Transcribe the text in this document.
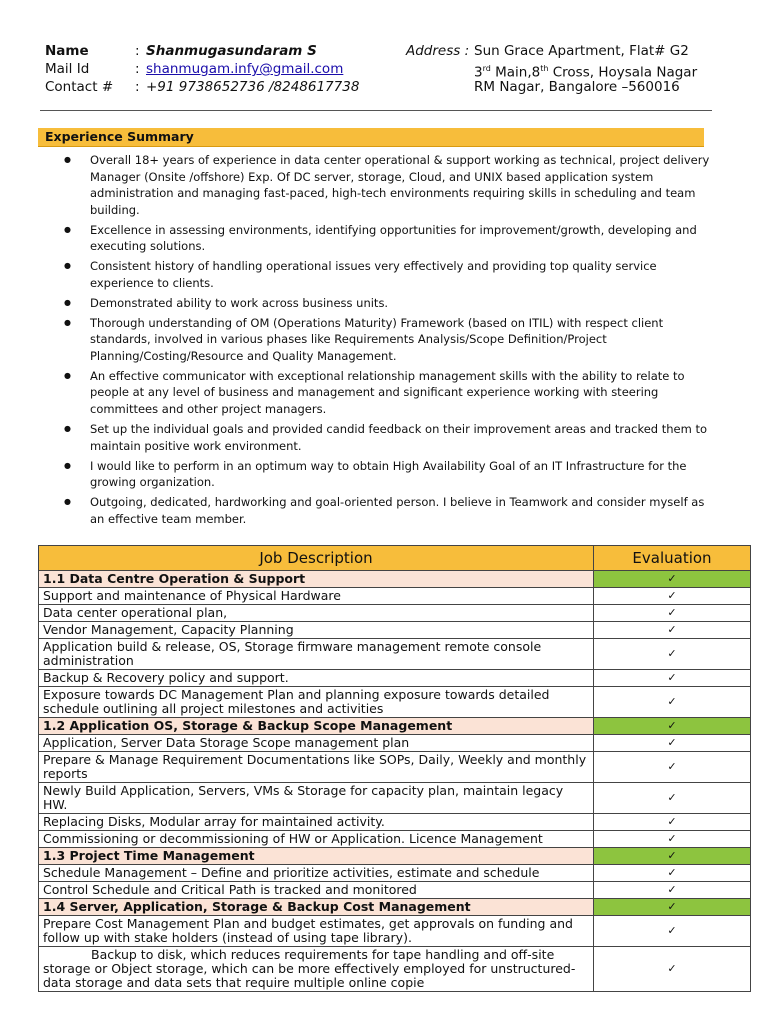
Name	: Shanmugasundaram S	Address : Sun Grace Apartment, Flat# G2
Mail Id	: shanmugam.infy@gmail.com	3rd Main,8th Cross, Hoysala Nagar
Contact # : +91 9738652736 /8248617738	RM Nagar, Bangalore –560016
Experience Summary
● Overall 18+ years of experience in data center operational & support working as technical, project delivery Manager (Onsite /offshore) Exp. Of DC server, storage, Cloud, and UNIX based application system administration and managing fast-paced, high-tech environments requiring skills in scheduling and team building.
● Excellence in assessing environments, identifying opportunities for improvement/growth, developing and executing solutions.
● Consistent history of handling operational issues very effectively and providing top quality service experience to clients.
● Demonstrated ability to work across business units.
● Thorough understanding of OM (Operations Maturity) Framework (based on ITIL) with respect client standards, involved in various phases like Requirements Analysis/Scope Definition/Project Planning/Costing/Resource and Quality Management.
● An effective communicator with exceptional relationship management skills with the ability to relate to people at any level of business and management and significant experience working with steering committees and other project managers.
● Set up the individual goals and provided candid feedback on their improvement areas and tracked them to maintain positive work environment.
● I would like to perform in an optimum way to obtain High Availability Goal of an IT Infrastructure for the growing organization.
● Outgoing, dedicated, hardworking and goal-oriented person. I believe in Teamwork and consider myself as an effective team member.
Job Description	Evaluation
1.1 Data Centre Operation & Support	✓
Support and maintenance of Physical Hardware	✓
Data center operational plan,	✓
Vendor Management, Capacity Planning	✓
Application build & release, OS, Storage firmware management remote console administration	✓
Backup & Recovery policy and support.	✓
Exposure towards DC Management Plan and planning exposure towards detailed schedule outlining all project milestones and activities	✓
1.2 Application OS, Storage & Backup Scope Management	✓
Application, Server Data Storage Scope management plan	✓
Prepare & Manage Requirement Documentations like SOPs, Daily, Weekly and monthly reports	✓
Newly Build Application, Servers, VMs & Storage for capacity plan, maintain legacy HW.	✓
Replacing Disks, Modular array for maintained activity.	✓
Commissioning or decommissioning of HW or Application. Licence Management	✓
1.3 Project Time Management	✓
Schedule Management – Define and prioritize activities, estimate and schedule	✓
Control Schedule and Critical Path is tracked and monitored	✓
1.4 Server, Application, Storage & Backup Cost Management	✓
Prepare Cost Management Plan and budget estimates, get approvals on funding and follow up with stake holders (instead of using tape library).	✓
Backup to disk, which reduces requirements for tape handling and off-site storage or Object storage, which can be more effectively employed for unstructured-data storage and data sets that require multiple online copie	✓
